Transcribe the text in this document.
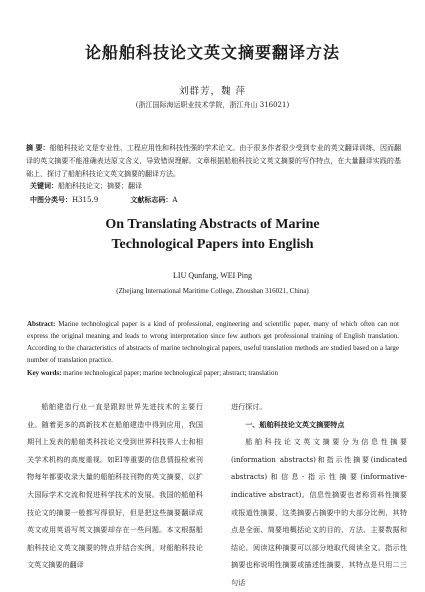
论船舶科技论文英文摘要翻译方法
刘群芳，魏 萍
(浙江国际海运职业技术学院，浙江舟山 316021)
摘 要：船舶科技论文是专业性、工程应用性和科技性强的学术论文。由于很多作者很少受到专业的英文翻译训练，因而翻译的英文摘要不能准确表达原文含义，导致错误理解。文章根据船舶科技论文英文摘要的写作特点，在大量翻译实践的基础上，探讨了船舶科技论文英文摘要的翻译方法。
关键词：船舶科技论文；摘要；翻译
中图分类号：H315.9	文献标志码：A
On Translating Abstracts of Marine
Technological Papers into English
LIU Qunfang, WEI Ping
(Zhejiang International Maritime College, Zhoushan 316021, China)
Abstract: Marine technological paper is a kind of professional, engineering and scientific paper, many of which often can not express the original meaning and leads to wrong interpretation since few authors get professional training of English translation. According to the characteristics of abstracts of marine technological papers, useful translation methods are studied based on a large number of translation practice.
Key words: marine technological paper; marine technological paper; abstract; translation

船舶建造行业一直是跟踪世界先进技术的主要行业。随着更多的高新技术在船舶建造中得到应用，我国期刊上发表的船舶类科技论文受到世界科技界人士和相关学术机构的高度重视。如EI等重要的信息情报检索刊物每年都要收录大量的船舶科技刊物的英文摘要，以扩大国际学术交流和促进科学技术的发展。我国的船舶科技论文的摘要一般都写得很好，但是把这些摘要翻译成英文或用英语写英文摘要却存在一些问题。本文根据船舶科技论文英文摘要的特点并结合实例，对船舶科技论文英文摘要的翻译

进行探讨。

一、船舶科技论文英文摘要特点

船舶科技论文英文摘要分为信息性摘要(information abstracts)和指示性摘要(indicated abstracts)和信息-指示性摘要(informative-indicative abstract)。信息性摘要也者称资料性摘要或报道性摘要，这类摘要占摘要中的大部分比例，其特点是全面、简要地概括论文的目的、方法、主要数据和结论，阅读这种摘要可以部分地取代阅读全文。指示性摘要也称说明性摘要或描述性摘要，其特点是只用二三句话
